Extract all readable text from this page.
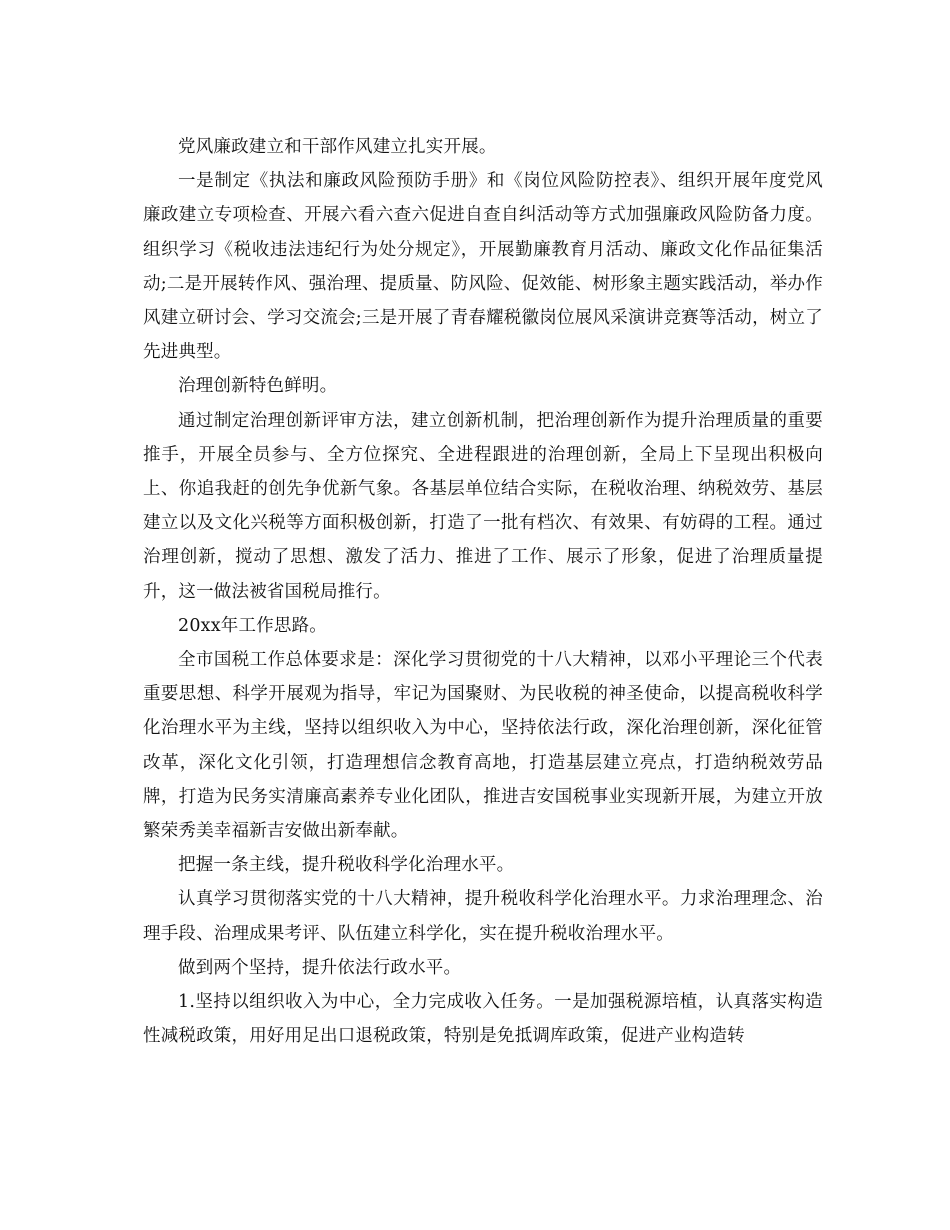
党风廉政建立和干部作风建立扎实开展。

一是制定《执法和廉政风险预防手册》和《岗位风险防控表》、组织开展年度党风廉政建立专项检查、开展六看六查六促进自查自纠活动等方式加强廉政风险防备力度。组织学习《税收违法违纪行为处分规定》，开展勤廉教育月活动、廉政文化作品征集活动;二是开展转作风、强治理、提质量、防风险、促效能、树形象主题实践活动，举办作风建立研讨会、学习交流会;三是开展了青春耀税徽岗位展风采演讲竞赛等活动，树立了先进典型。

治理创新特色鲜明。

通过制定治理创新评审方法，建立创新机制，把治理创新作为提升治理质量的重要推手，开展全员参与、全方位探究、全进程跟进的治理创新，全局上下呈现出积极向上、你追我赶的创先争优新气象。各基层单位结合实际，在税收治理、纳税效劳、基层建立以及文化兴税等方面积极创新，打造了一批有档次、有效果、有妨碍的工程。通过治理创新，搅动了思想、激发了活力、推进了工作、展示了形象，促进了治理质量提升，这一做法被省国税局推行。

20xx年工作思路。

全市国税工作总体要求是：深化学习贯彻党的十八大精神，以邓小平理论三个代表重要思想、科学开展观为指导，牢记为国聚财、为民收税的神圣使命，以提高税收科学化治理水平为主线，坚持以组织收入为中心，坚持依法行政，深化治理创新，深化征管改革，深化文化引领，打造理想信念教育高地，打造基层建立亮点，打造纳税效劳品牌，打造为民务实清廉高素养专业化团队，推进吉安国税事业实现新开展，为建立开放繁荣秀美幸福新吉安做出新奉献。

把握一条主线，提升税收科学化治理水平。

认真学习贯彻落实党的十八大精神，提升税收科学化治理水平。力求治理理念、治理手段、治理成果考评、队伍建立科学化，实在提升税收治理水平。

做到两个坚持，提升依法行政水平。

1.坚持以组织收入为中心，全力完成收入任务。一是加强税源培植，认真落实构造性减税政策，用好用足出口退税政策，特别是免抵调库政策，促进产业构造转
